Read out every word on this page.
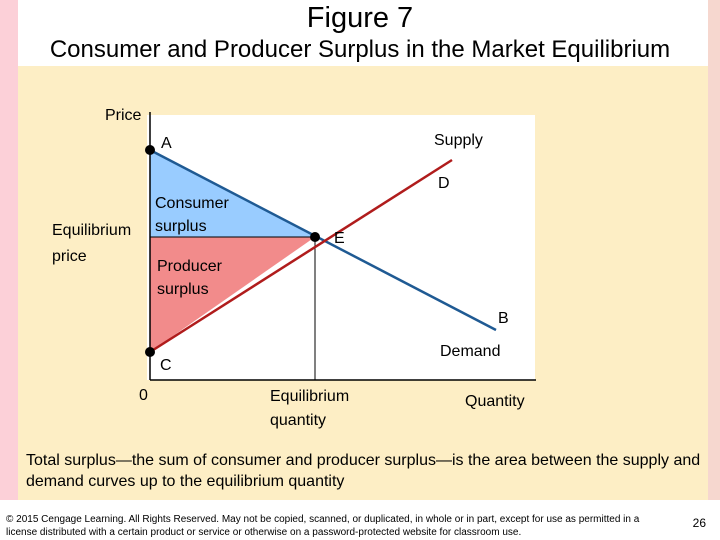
Figure 7
Consumer and Producer Surplus in the Market Equilibrium
Price
A	Supply
D
Consumer surplus
Equilibrium price
E
Producer surplus
B
Demand
C
0	Equilibrium quantity
Quantity
Total surplus—the sum of consumer and producer surplus—is the area between the supply and demand curves up to the equilibrium quantity
© 2015 Cengage Learning. All Rights Reserved. May not be copied, scanned, or duplicated, in whole or in part, except for use as permitted in a license distributed with a certain product or service or otherwise on a password-protected website for classroom use.
26
